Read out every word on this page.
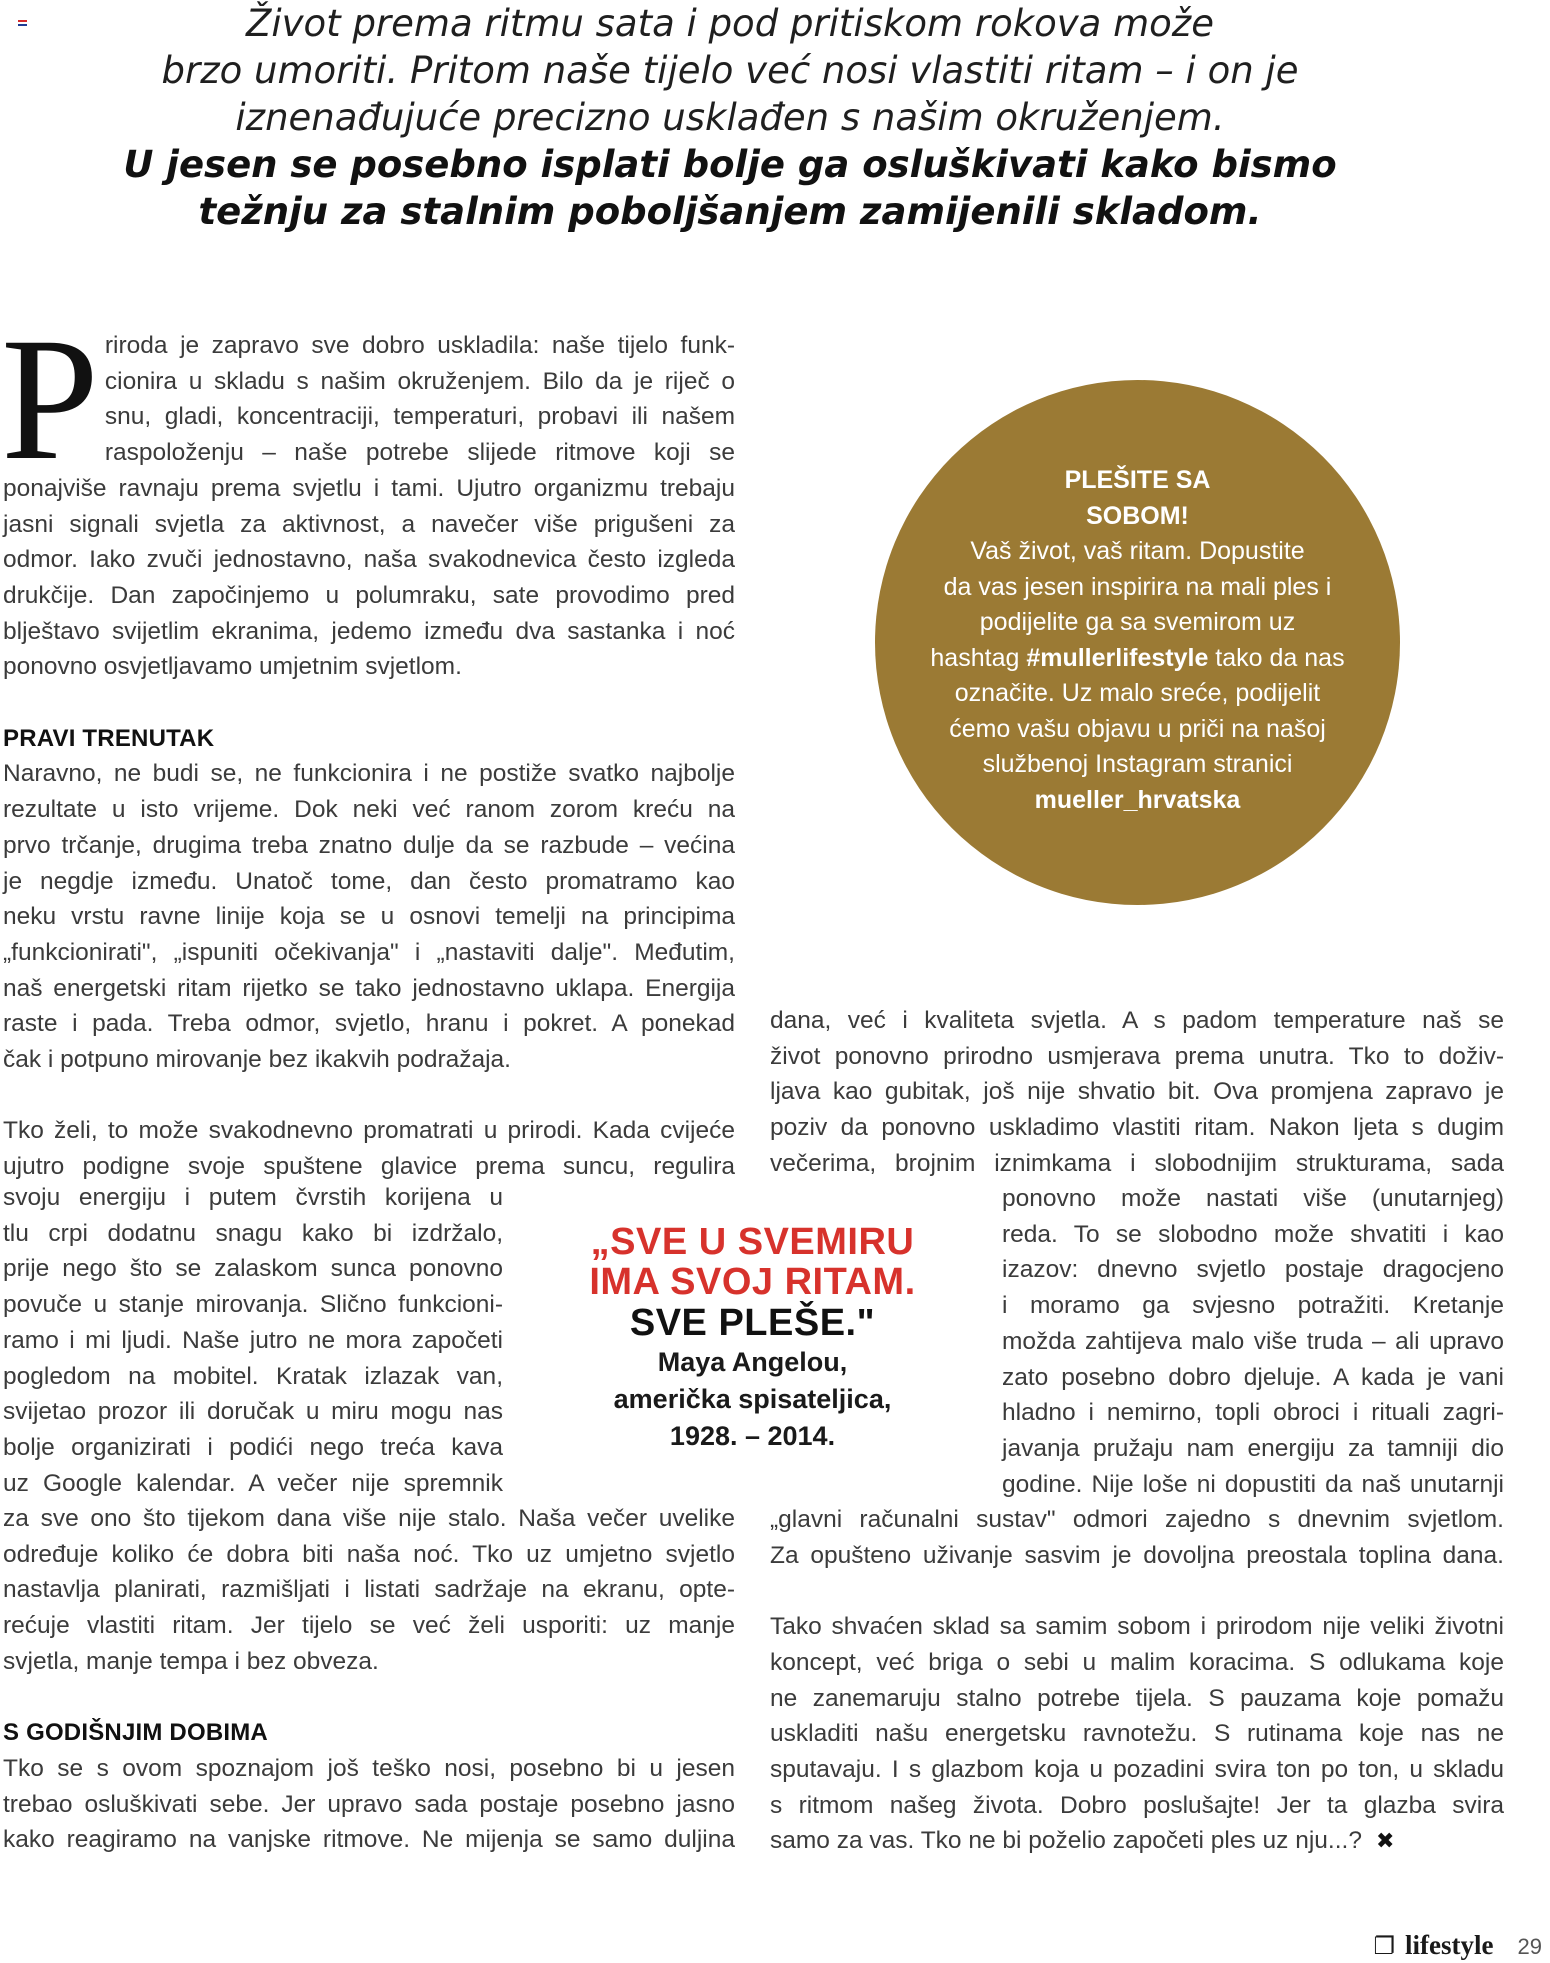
Život prema ritmu sata i pod pritiskom rokova može

brzo umoriti. Pritom naše tijelo već nosi vlastiti ritam – i on je

iznenađujuće precizno usklađen s našim okruženjem.

U jesen se posebno isplati bolje ga osluškivati kako bismo

težnju za stalnim poboljšanjem zamijenili skladom.

P riroda je zapravo sve dobro uskladila: naše tijelo funk-

cionira u skladu s našim okruženjem. Bilo da je riječ o

snu, gladi, koncentraciji, temperaturi, probavi ili našem

raspoloženju – naše potrebe slijede ritmove koji se

ponajviše ravnaju prema svjetlu i tami. Ujutro organizmu trebaju

jasni signali svjetla za aktivnost, a navečer više prigušeni za

odmor. Iako zvuči jednostavno, naša svakodnevica često izgleda

drukčije. Dan započinjemo u polumraku, sate provodimo pred

blještavo svijetlim ekranima, jedemo između dva sastanka i noć

ponovno osvjetljavamo umjetnim svjetlom.

PRAVI TRENUTAK

Naravno, ne budi se, ne funkcionira i ne postiže svatko najbolje

rezultate u isto vrijeme. Dok neki već ranom zorom kreću na

prvo trčanje, drugima treba znatno dulje da se razbude – većina

je negdje između. Unatoč tome, dan često promatramo kao

neku vrstu ravne linije koja se u osnovi temelji na principima

„funkcionirati", „ispuniti očekivanja" i „nastaviti dalje". Međutim,

naš energetski ritam rijetko se tako jednostavno uklapa. Energija

raste i pada. Treba odmor, svjetlo, hranu i pokret. A ponekad

čak i potpuno mirovanje bez ikakvih podražaja.

Tko želi, to može svakodnevno promatrati u prirodi. Kada cvijeće

ujutro podigne svoje spuštene glavice prema suncu, regulira

svoju energiju i putem čvrstih korijena u

tlu crpi dodatnu snagu kako bi izdržalo,

prije nego što se zalaskom sunca ponovno

povuče u stanje mirovanja. Slično funkcioni-

ramo i mi ljudi. Naše jutro ne mora započeti

pogledom na mobitel. Kratak izlazak van,

svijetao prozor ili doručak u miru mogu nas

bolje organizirati i podići nego treća kava

uz Google kalendar. A večer nije spremnik

za sve ono što tijekom dana više nije stalo. Naša večer uvelike

određuje koliko će dobra biti naša noć. Tko uz umjetno svjetlo

nastavlja planirati, razmišljati i listati sadržaje na ekranu, opte-

rećuje vlastiti ritam. Jer tijelo se već želi usporiti: uz manje

svjetla, manje tempa i bez obveza.

S GODIŠNJIM DOBIMA

Tko se s ovom spoznajom još teško nosi, posebno bi u jesen

trebao osluškivati sebe. Jer upravo sada postaje posebno jasno

kako reagiramo na vanjske ritmove. Ne mijenja se samo duljina

PLEŠITE SA
SOBOM!
Vaš život, vaš ritam. Dopustite
da vas jesen inspirira na mali ples i
podijelite ga sa svemirom uz
hashtag #mullerlifestyle tako da nas
označite. Uz malo sreće, podijelit
ćemo vašu objavu u priči na našoj
službenoj Instagram stranici
mueller_hrvatska
„SVE U SVEMIRU
IMA SVOJ RITAM.
SVE PLEŠE."
Maya Angelou,
američka spisateljica,
1928. – 2014.

dana, već i kvaliteta svjetla. A s padom temperature naš se

život ponovno prirodno usmjerava prema unutra. Tko to doživ-

ljava kao gubitak, još nije shvatio bit. Ova promjena zapravo je

poziv da ponovno uskladimo vlastiti ritam. Nakon ljeta s dugim

večerima, brojnim iznimkama i slobodnijim strukturama, sada

ponovno može nastati više (unutarnjeg)

reda. To se slobodno može shvatiti i kao

izazov: dnevno svjetlo postaje dragocjeno

i moramo ga svjesno potražiti. Kretanje

možda zahtijeva malo više truda – ali upravo

zato posebno dobro djeluje. A kada je vani

hladno i nemirno, topli obroci i rituali zagri-

javanja pružaju nam energiju za tamniji dio

godine. Nije loše ni dopustiti da naš unutarnji

„glavni računalni sustav" odmori zajedno s dnevnim svjetlom.

Za opušteno uživanje sasvim je dovoljna preostala toplina dana.

Tako shvaćen sklad sa samim sobom i prirodom nije veliki životni

koncept, već briga o sebi u malim koracima. S odlukama koje

ne zanemaruju stalno potrebe tijela. S pauzama koje pomažu

uskladiti našu energetsku ravnotežu. S rutinama koje nas ne

sputavaju. I s glazbom koja u pozadini svira ton po ton, u skladu

s ritmom našeg života. Dobro poslušajte! Jer ta glazba svira

samo za vas. Tko ne bi poželio započeti ples uz nju...? ✖

❐ lifestyle 29
